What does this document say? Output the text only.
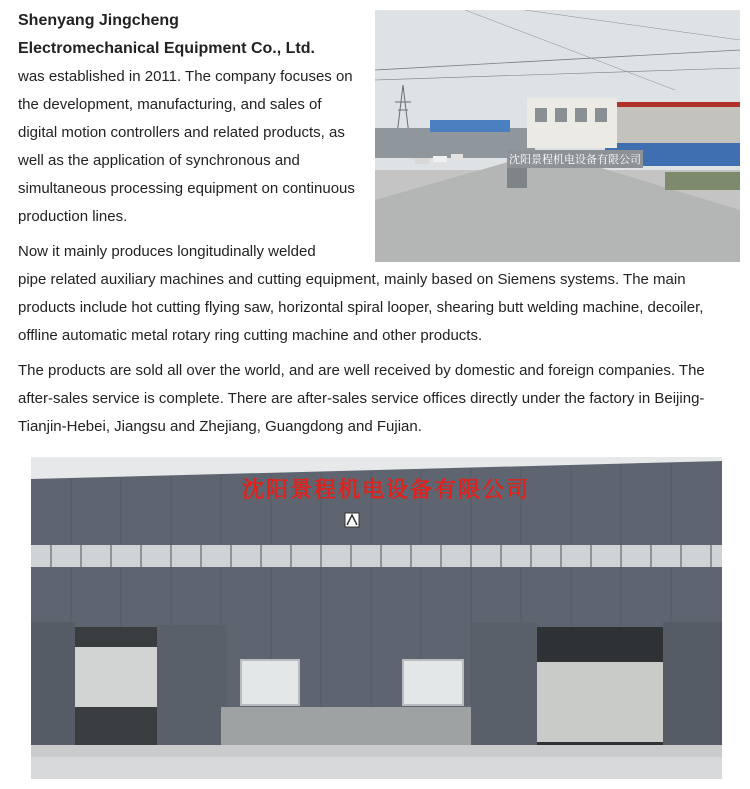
Shenyang Jingcheng
Electromechanical Equipment Co., Ltd.
was established in 2011. The company focuses on the development, manufacturing, and sales of digital motion controllers and related products, as well as the application of synchronous and simultaneous processing equipment on continuous production lines.
沈阳景程机电设备有限公司
Now it mainly produces longitudinally welded
pipe related auxiliary machines and cutting equipment, mainly based on Siemens systems. The main products include hot cutting flying saw, horizontal spiral looper, shearing butt welding machine, decoiler, offline automatic metal rotary ring cutting machine and other products.
The products are sold all over the world, and are well received by domestic and foreign companies. The after-sales service is complete. There are after-sales service offices directly under the factory in Beijing-Tianjin-Hebei, Jiangsu and Zhejiang, Guangdong and Fujian.
沈阳景程机电设备有限公司
